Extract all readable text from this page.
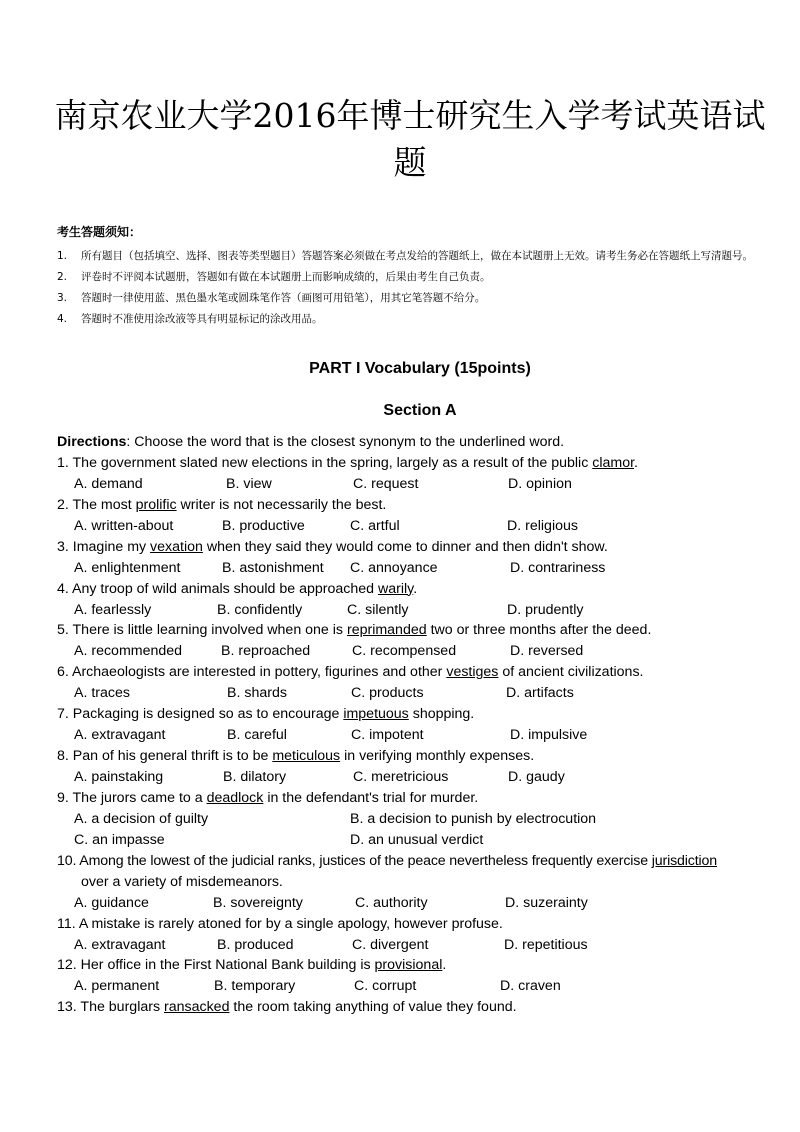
南京农业大学2016年博士研究生入学考试英语试题
考生答题须知：
1. 所有题目（包括填空、选择、图表等类型题目）答题答案必须做在考点发给的答题纸上，做在本试题册上无效。请考生务必在答题纸上写清题号。
2. 评卷时不评阅本试题册，答题如有做在本试题册上而影响成绩的，后果由考生自己负责。
3. 答题时一律使用蓝、黑色墨水笔或圆珠笔作答（画图可用铅笔），用其它笔答题不给分。
4. 答题时不准使用涂改液等具有明显标记的涂改用品。
PART I Vocabulary (15points)
Section A
Directions: Choose the word that is the closest synonym to the underlined word.
1. The government slated new elections in the spring, largely as a result of the public clamor.
A. demand	B. view	C. request	D. opinion
2. The most prolific writer is not necessarily the best.
A. written-about	B. productive	C. artful	D. religious
3. Imagine my vexation when they said they would come to dinner and then didn't show.
A. enlightenment	B. astonishment C. annoyance	D. contrariness
4. Any troop of wild animals should be approached warily.
A. fearlessly	B. confidently	C. silently	D. prudently
5. There is little learning involved when one is reprimanded two or three months after the deed.
A. recommended	B. reproached	C. recompensed	D. reversed
6. Archaeologists are interested in pottery, figurines and other vestiges of ancient civilizations.
A. traces	B. shards	C. products	D. artifacts
7. Packaging is designed so as to encourage impetuous shopping.
A. extravagant	B. careful	C. impotent	D. impulsive
8. Pan of his general thrift is to be meticulous in verifying monthly expenses.
A. painstaking	B. dilatory	C. meretricious	D. gaudy
9. The jurors came to a deadlock in the defendant's trial for murder.
A. a decision of guilty	B. a decision to punish by electrocution
C. an impasse	D. an unusual verdict
10. Among the lowest of the judicial ranks, justices of the peace nevertheless frequently exercise jurisdiction
over a variety of misdemeanors.
A. guidance	B. sovereignty	C. authority	D. suzerainty
11. A mistake is rarely atoned for by a single apology, however profuse.
A. extravagant	B. produced	C. divergent	D. repetitious
12. Her office in the First National Bank building is provisional.
A. permanent	B. temporary	C. corrupt	D. craven
13. The burglars ransacked the room taking anything of value they found.
